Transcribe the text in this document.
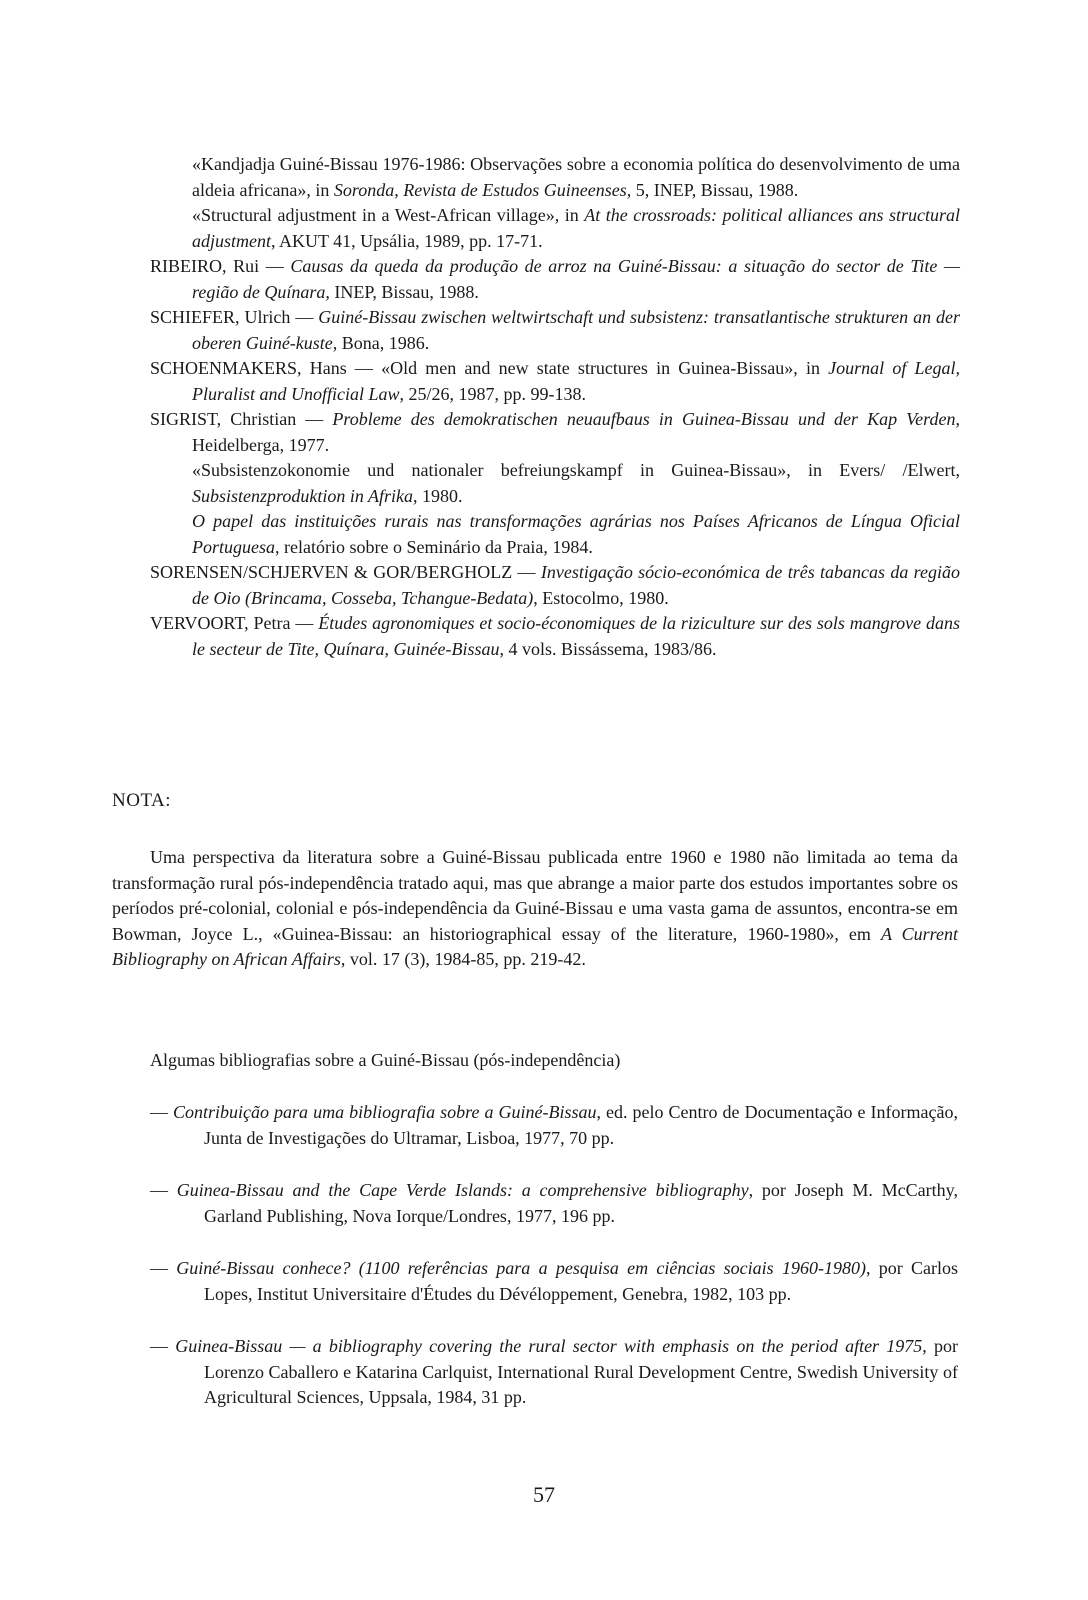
«Kandjadja Guiné-Bissau 1976-1986: Observações sobre a economia política do desenvolvimento de uma aldeia africana», in Soronda, Revista de Estudos Guineenses, 5, INEP, Bissau, 1988.

«Structural adjustment in a West-African village», in At the crossroads: political alliances ans structural adjustment, AKUT 41, Upsália, 1989, pp. 17-71.

RIBEIRO, Rui — Causas da queda da produção de arroz na Guiné-Bissau: a situação do sector de Tite — região de Quínara, INEP, Bissau, 1988.

SCHIEFER, Ulrich — Guiné-Bissau zwischen weltwirtschaft und subsistenz: transatlantische strukturen an der oberen Guiné-kuste, Bona, 1986.

SCHOENMAKERS, Hans — «Old men and new state structures in Guinea-Bissau», in Journal of Legal, Pluralist and Unofficial Law, 25/26, 1987, pp. 99-138.

SIGRIST, Christian — Probleme des demokratischen neuaufbaus in Guinea-Bissau und der Kap Verden, Heidelberga, 1977.

«Subsistenzokonomie und nationaler befreiungskampf in Guinea-Bissau», in Evers/ /Elwert, Subsistenzproduktion in Afrika, 1980.

O papel das instituições rurais nas transformações agrárias nos Países Africanos de Língua Oficial Portuguesa, relatório sobre o Seminário da Praia, 1984.

SORENSEN/SCHJERVEN & GOR/BERGHOLZ — Investigação sócio-económica de três tabancas da região de Oio (Brincama, Cosseba, Tchangue-Bedata), Estocolmo, 1980.

VERVOORT, Petra — Études agronomiques et socio-économiques de la riziculture sur des sols mangrove dans le secteur de Tite, Quínara, Guinée-Bissau, 4 vols. Bissássema, 1983/86.

NOTA:

Uma perspectiva da literatura sobre a Guiné-Bissau publicada entre 1960 e 1980 não limitada ao tema da transformação rural pós-independência tratado aqui, mas que abrange a maior parte dos estudos importantes sobre os períodos pré-colonial, colonial e pós-independência da Guiné-Bissau e uma vasta gama de assuntos, encontra-se em Bowman, Joyce L., «Guinea-Bissau: an historiographical essay of the literature, 1960-1980», em A Current Bibliography on African Affairs, vol. 17 (3), 1984-85, pp. 219-42.

Algumas bibliografias sobre a Guiné-Bissau (pós-independência)

— Contribuição para uma bibliografia sobre a Guiné-Bissau, ed. pelo Centro de Documentação e Informação, Junta de Investigações do Ultramar, Lisboa, 1977, 70 pp.

— Guinea-Bissau and the Cape Verde Islands: a comprehensive bibliography, por Joseph M. McCarthy, Garland Publishing, Nova Iorque/Londres, 1977, 196 pp.

— Guiné-Bissau conhece? (1100 referências para a pesquisa em ciências sociais 1960-1980), por Carlos Lopes, Institut Universitaire d'Études du Dévéloppement, Genebra, 1982, 103 pp.

— Guinea-Bissau — a bibliography covering the rural sector with emphasis on the period after 1975, por Lorenzo Caballero e Katarina Carlquist, International Rural Development Centre, Swedish University of Agricultural Sciences, Uppsala, 1984, 31 pp.

57
